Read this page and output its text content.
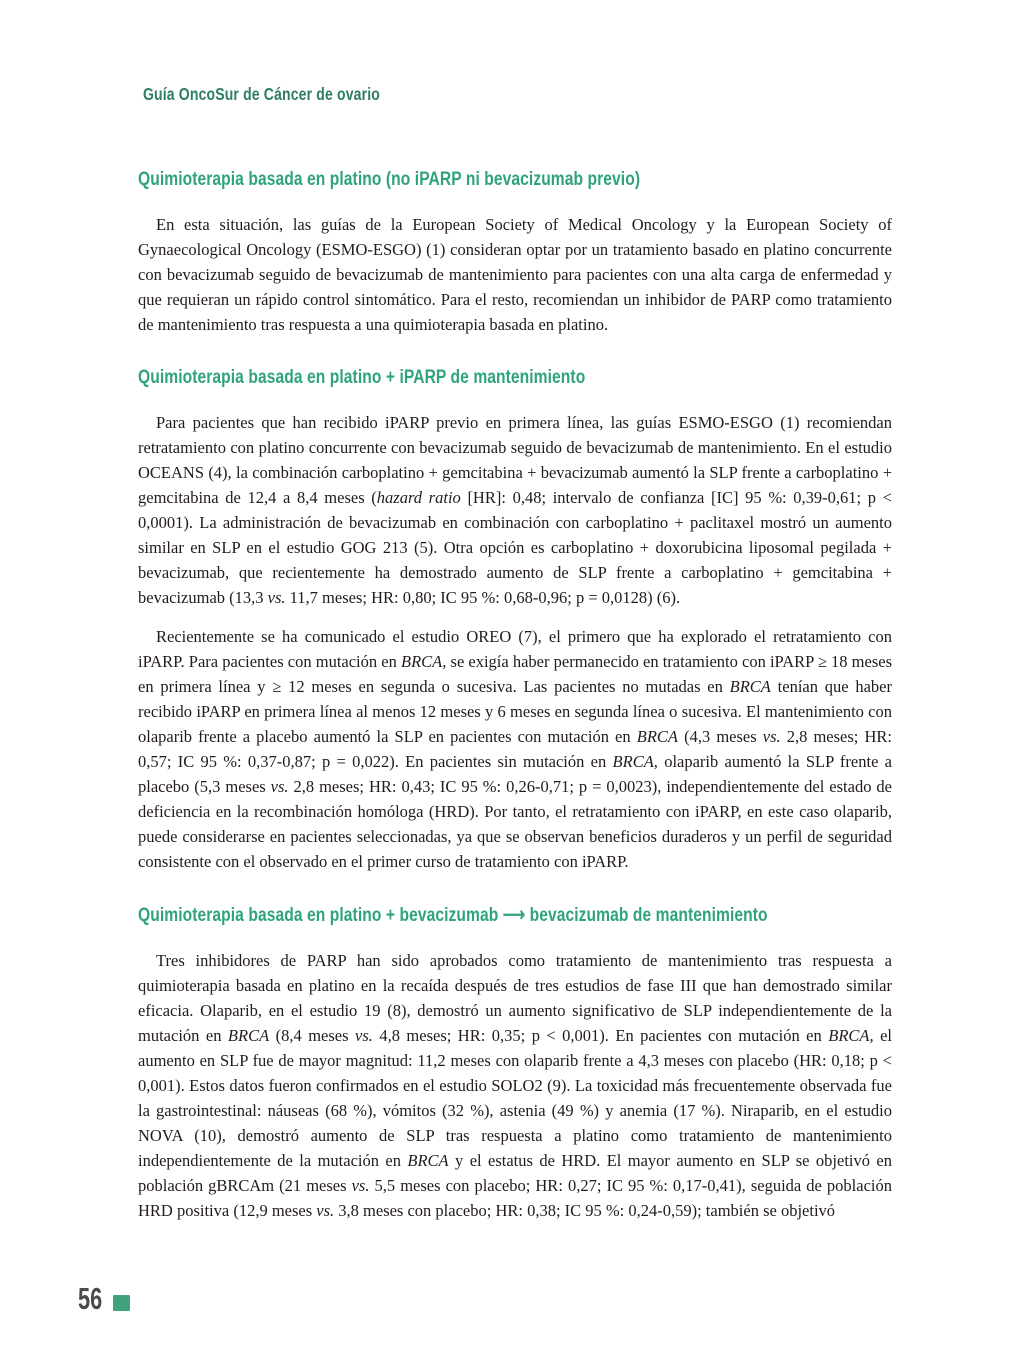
Guía OncoSur de Cáncer de ovario
Quimioterapia basada en platino (no iPARP ni bevacizumab previo)

En esta situación, las guías de la European Society of Medical Oncology y la European Society of Gynaecological Oncology (ESMO-ESGO) (1) consideran optar por un tratamiento basado en platino concurrente con bevacizumab seguido de bevacizumab de mantenimiento para pacientes con una alta carga de enfermedad y que requieran un rápido control sintomático. Para el resto, recomiendan un inhibidor de PARP como tratamiento de mantenimiento tras respuesta a una quimioterapia basada en platino.

Quimioterapia basada en platino + iPARP de mantenimiento

Para pacientes que han recibido iPARP previo en primera línea, las guías ESMO-ESGO (1) recomiendan retratamiento con platino concurrente con bevacizumab seguido de bevacizumab de mantenimiento. En el estudio OCEANS (4), la combinación carboplatino + gemcitabina + bevacizumab aumentó la SLP frente a carboplatino + gemcitabina de 12,4 a 8,4 meses (hazard ratio [HR]: 0,48; intervalo de confianza [IC] 95 %: 0,39-0,61; p < 0,0001). La administración de bevacizumab en combinación con carboplatino + paclitaxel mostró un aumento similar en SLP en el estudio GOG 213 (5). Otra opción es carboplatino + doxorubicina liposomal pegilada + bevacizumab, que recientemente ha demostrado aumento de SLP frente a carboplatino + gemcitabina + bevacizumab (13,3 vs. 11,7 meses; HR: 0,80; IC 95 %: 0,68-0,96; p = 0,0128) (6).

Recientemente se ha comunicado el estudio OREO (7), el primero que ha explorado el retratamiento con iPARP. Para pacientes con mutación en BRCA, se exigía haber permanecido en tratamiento con iPARP ≥ 18 meses en primera línea y ≥ 12 meses en segunda o sucesiva. Las pacientes no mutadas en BRCA tenían que haber recibido iPARP en primera línea al menos 12 meses y 6 meses en segunda línea o sucesiva. El mantenimiento con olaparib frente a placebo aumentó la SLP en pacientes con mutación en BRCA (4,3 meses vs. 2,8 meses; HR: 0,57; IC 95 %: 0,37-0,87; p = 0,022). En pacientes sin mutación en BRCA, olaparib aumentó la SLP frente a placebo (5,3 meses vs. 2,8 meses; HR: 0,43; IC 95 %: 0,26-0,71; p = 0,0023), independientemente del estado de deficiencia en la recombinación homóloga (HRD). Por tanto, el retratamiento con iPARP, en este caso olaparib, puede considerarse en pacientes seleccionadas, ya que se observan beneficios duraderos y un perfil de seguridad consistente con el observado en el primer curso de tratamiento con iPARP.

Quimioterapia basada en platino + bevacizumab ⟶ bevacizumab de mantenimiento

Tres inhibidores de PARP han sido aprobados como tratamiento de mantenimiento tras respuesta a quimioterapia basada en platino en la recaída después de tres estudios de fase III que han demostrado similar eficacia. Olaparib, en el estudio 19 (8), demostró un aumento significativo de SLP independientemente de la mutación en BRCA (8,4 meses vs. 4,8 meses; HR: 0,35; p < 0,001). En pacientes con mutación en BRCA, el aumento en SLP fue de mayor magnitud: 11,2 meses con olaparib frente a 4,3 meses con placebo (HR: 0,18; p < 0,001). Estos datos fueron confirmados en el estudio SOLO2 (9). La toxicidad más frecuentemente observada fue la gastrointestinal: náuseas (68 %), vómitos (32 %), astenia (49 %) y anemia (17 %). Niraparib, en el estudio NOVA (10), demostró aumento de SLP tras respuesta a platino como tratamiento de mantenimiento independientemente de la mutación en BRCA y el estatus de HRD. El mayor aumento en SLP se objetivó en población gBRCAm (21 meses vs. 5,5 meses con placebo; HR: 0,27; IC 95 %: 0,17-0,41), seguida de población HRD positiva (12,9 meses vs. 3,8 meses con placebo; HR: 0,38; IC 95 %: 0,24-0,59); también se objetivó

56
